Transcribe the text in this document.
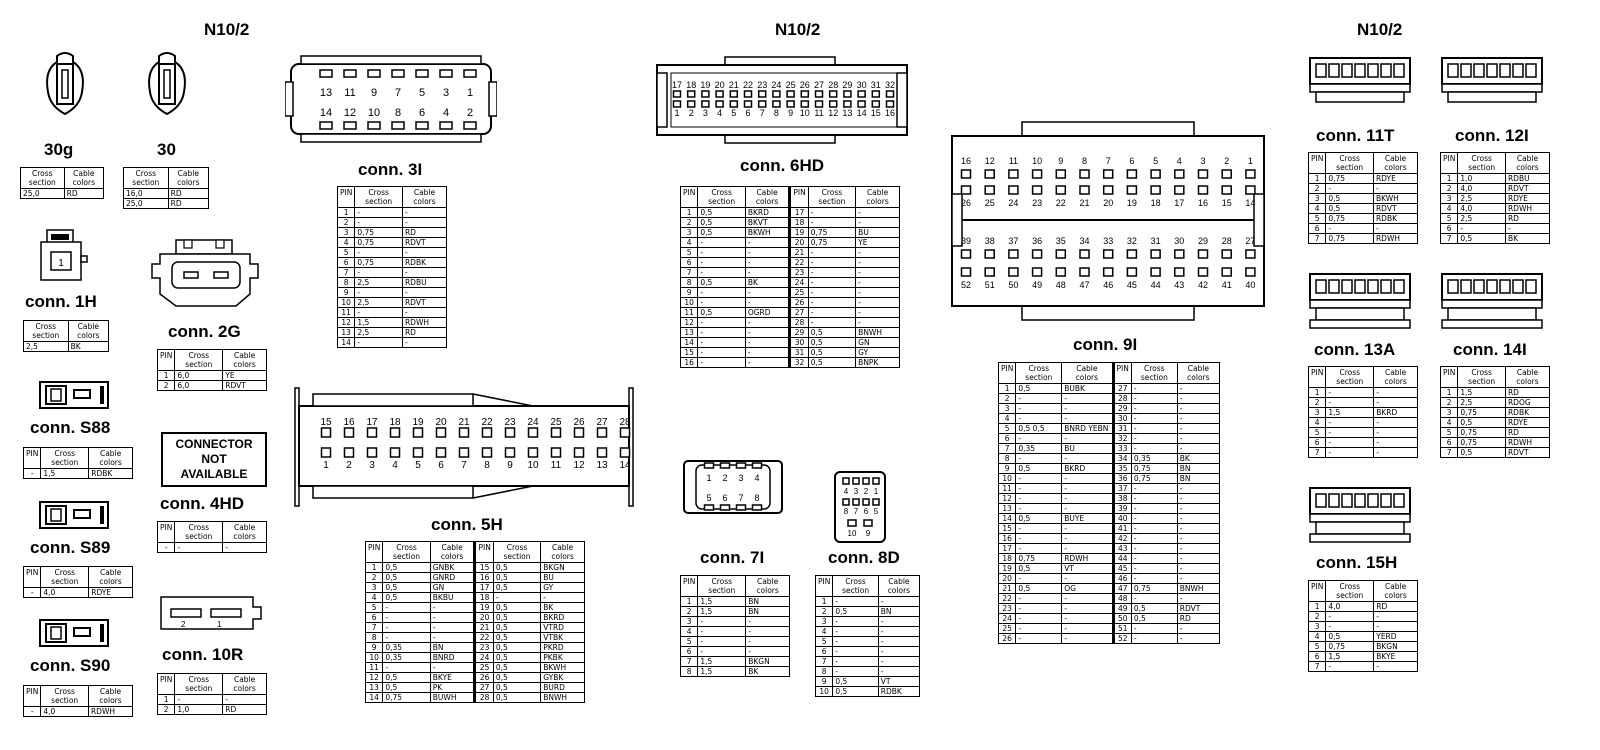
N10/2	N10/2	N10/2
30g	30
Cross section	Cable colors
25,0	RD
Cross section	Cable colors
16,0	RD
25,0	RD
1
conn. 1H
Cross section	Cable colors
2,5	BK
conn. 2G
PIN	Cross section	Cable colors
1	6,0	YE
2	6,0	RDVT
conn. S88
PIN	Cross section	Cable colors
-	1,5	RDBK
conn. S89
PIN	Cross section	Cable colors
-	4,0	RDYE
conn. S90
PIN	Cross section	Cable colors
-	4,0	RDWH
CONNECTOR
NOT
AVAILABLE
conn. 4HD
PIN	Cross section	Cable colors
-	-	-
2	1
conn. 10R
PIN	Cross section	Cable colors
1	-	-
2	1,0	RD
13 11 9 7 5 3 1
14 12 10 8 6 4 2
conn. 3I
PIN	Cross section	Cable colors
1	-	-
2	-	-
3	0,75	RD
4	0,75	RDVT
5	-	-
6	0,75	RDBK
7	-	-
8	2,5	RDBU
9	-	-
10	2,5	RDVT
11	-	-
12	1,5	RDWH
13	2,5	RD
14	-	-
15 16 17 18 19 20 21 22 23 24 25 26 27 28
1 2 3 4 5 6 7 8 9 10 11 12 13 14
conn. 5H
PIN	Cross section	Cable colors	PIN	Cross section	Cable colors
1	0,5	GNBK	15	0,5	BKGN
2	0,5	GNRD	16	0,5	BU
3	0,5	GN	17	0,5	GY
4	0,5	BKBU	18	-	-
5	-	-	19	0,5	BK
6	-	-	20	0,5	BKRD
7	-	-	21	0,5	VTRD
8	-	-	22	0,5	VTBK
9	0,35	BN	23	0,5	PKRD
10	0,35	BNRD	24	0,5	PKBK
11	-	-	25	0,5	BKWH
12	0,5	BKYE	26	0,5	GYBK
13	0,5	PK	27	0,5	BURD
14	0,75	BUWH	28	0,5	BNWH
17 18 19 20 21 22 23 24 25 26 27 28 29 30 31 32
1 2 3 4 5 6 7 8 9 10 11 12 13 14 15 16
conn. 6HD
PIN	Cross section	Cable colors	PIN	Cross section	Cable colors
1	0,5	BKRD	17	-	-
2	0,5	BKVT	18	-	-
3	0,5	BKWH	19	0,75	BU
4	-	-	20	0,75	YE
5	-	-	21	-	-
6	-	-	22	-	-
7	-	-	23	-	-
8	0,5	BK	24	-	-
9	-	-	25	-	-
10	-	-	26	-	-
11	0,5	OGRD	27	-	-
12	-	-	28	-	-
13	-	-	29	0,5	BNWH
14	-	-	30	0,5	GN
15	-	-	31	0,5	GY
16	-	-	32	0,5	BNPK
1 2 3 4
5 6 7 8
conn. 7I
PIN	Cross section	Cable colors
1	1,5	BN
2	1,5	BN
3	-	-
4	-	-
5	-	-
6	-	-
7	1,5	BKGN
8	1,5	BK
4 3 2 1
8 7 6 5
10 9
conn. 8D
PIN	Cross section	Cable colors
1	-	-
2	0,5	BN
3	-	-
4	-	-
5	-	-
6	-	-
7	-	-
8	-	-
9	0,5	VT
10	0,5	RDBK
16 12 11 10 9 8 7 6 5 4 3 2 1
26 25 24 23 22 21 20 19 18 17 16 15 14
39 38 37 36 35 34 33 32 31 30 29 28 27
52 51 50 49 48 47 46 45 44 43 42 41 40
conn. 9I
PIN	Cross section	Cable colors	PIN	Cross section	Cable colors
1	0,5	BUBK	27	-	-
2	-	-	28	-	-
3	-	-	29	-	-
4	-	-	30	-	-
5	0,5 0,5	BNRD YEBN	31	-	-
6	-	-	32	-	-
7	0,35	BU	33	-	-
8	-	-	34	0,35	BK
9	0,5	BKRD	35	0,75	BN
10	-	-	36	0,75	BN
11	-	-	37	-	-
12	-	-	38	-	-
13	-	-	39	-	-
14	0,5	BUYE	40	-	-
15	-	-	41	-	-
16	-	-	42	-	-
17	-	-	43	-	-
18	0,75	RDWH	44	-	-
19	0,5	VT	45	-	-
20	-	-	46	-	-
21	0,5	OG	47	0,75	BNWH
22	-	-	48	-	-
23	-	-	49	0,5	RDVT
24	-	-	50	0,5	RD
25	-	-	51	-	-
26	-	-	52	-	-
conn. 11T
PIN	Cross section	Cable colors
1	0,75	RDYE
2	-	-
3	0,5	BKWH
4	0,5	RDVT
5	0,75	RDBK
6	-	-
7	0,75	RDWH
conn. 12I
PIN	Cross section	Cable colors
1	1,0	RDBU
2	4,0	RDVT
3	2,5	RDYE
4	4,0	RDWH
5	2,5	RD
6	-	-
7	0,5	BK
conn. 13A
PIN	Cross section	Cable colors
1	-	-
2	-	-
3	1,5	BKRD
4	-	-
5	-	-
6	-	-
7	-	-
conn. 14I
PIN	Cross section	Cable colors
1	1,5	RD
2	2,5	RDOG
3	0,75	RDBK
4	0,5	RDYE
5	0,75	RD
6	0,75	RDWH
7	0,5	RDVT
conn. 15H
PIN	Cross section	Cable colors
1	4,0	RD
2	-	-
3	-	-
4	0,5	YERD
5	0,75	BKGN
6	1,5	BKYE
7	-	-
